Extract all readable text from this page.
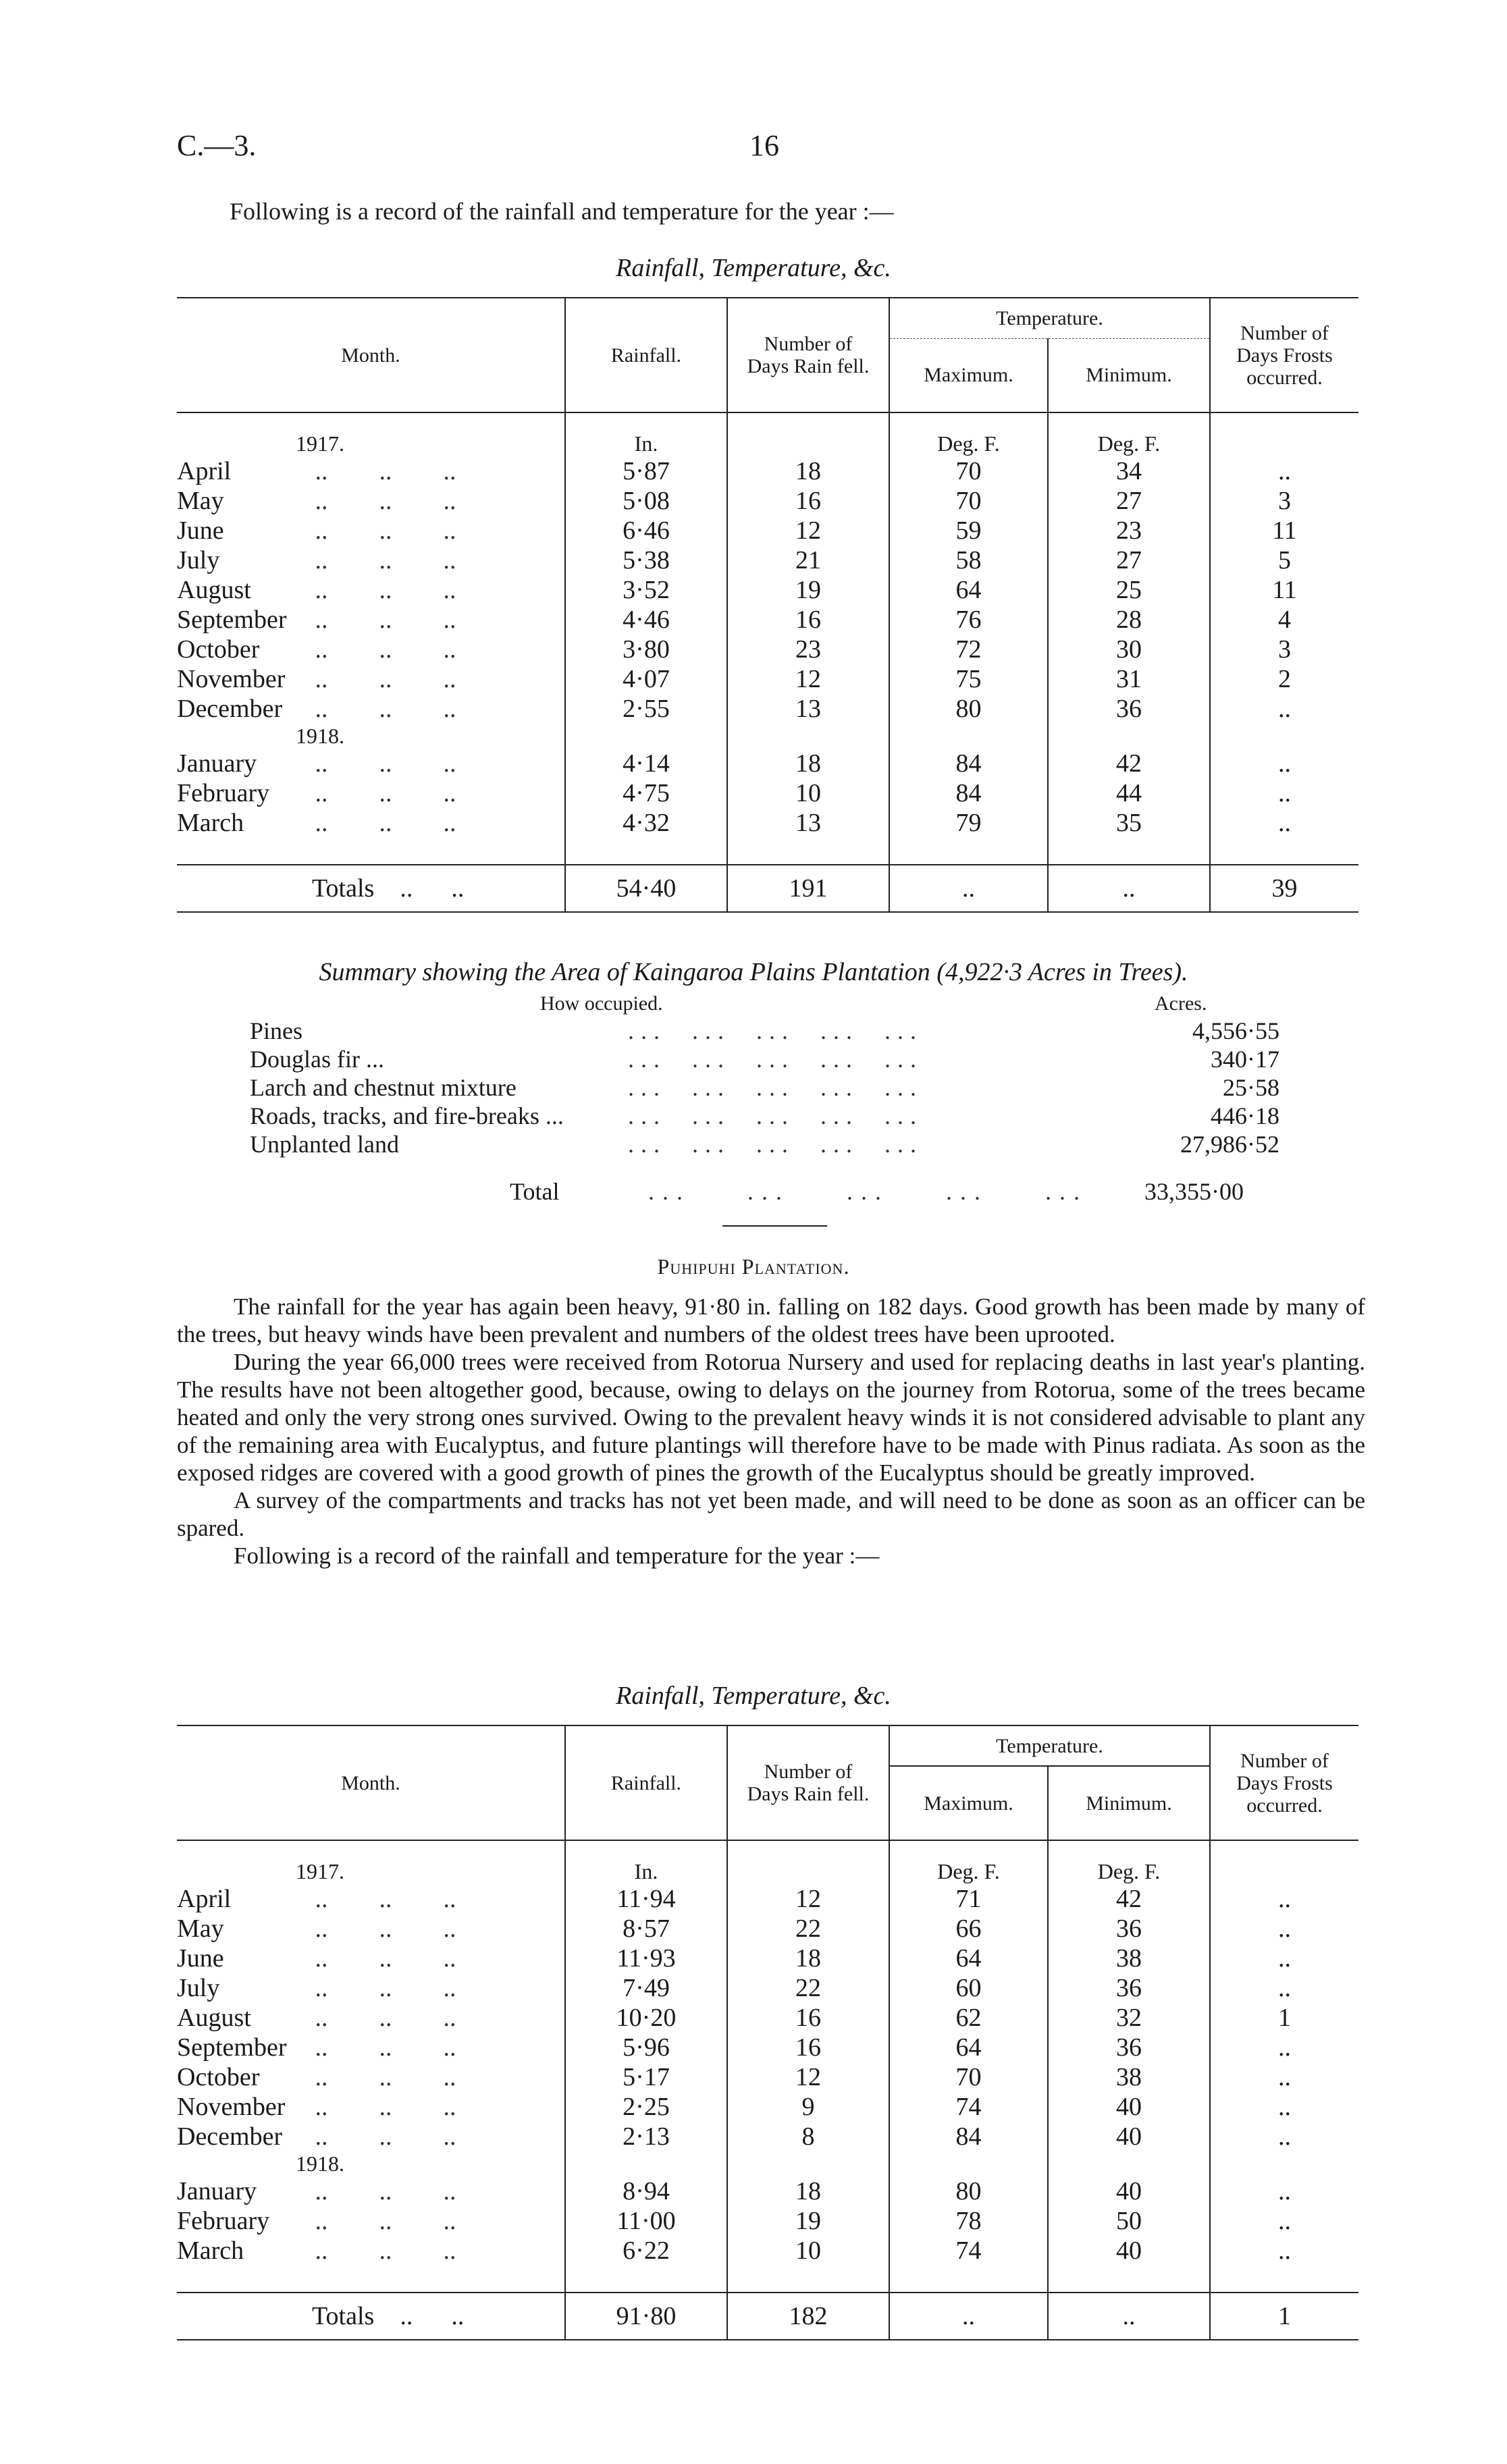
C.—3.	16
Following is a record of the rainfall and temperature for the year :—
Rainfall, Temperature, &c.
Month.	Rainfall.	Number of Days Rain fell.	Temperature.		Number of Days Frosts occurred.
			Maximum.	Minimum.	

1917.	In.		Deg. F.	Deg. F.	
April ..        ..        ..	5·87	18	70	34	..
May ..        ..        ..	5·08	16	70	27	3
June ..        ..        ..	6·46	12	59	23	11
July ..        ..        ..	5·38	21	58	27	5
August ..        ..        ..	3·52	19	64	25	11
September ..        ..        ..	4·46	16	76	28	4
October ..        ..        ..	3·80	23	72	30	3
November ..        ..        ..	4·07	12	75	31	2
December ..        ..        ..	2·55	13	80	36	..
1918.					
January ..        ..        ..	4·14	18	84	42	..
February ..        ..        ..	4·75	10	84	44	..
March ..        ..        ..	4·32	13	79	35	..

Totals    ..      ..	54·40	191	..	..	39
Summary showing the Area of Kaingaroa Plains Plantation (4,922·3 Acres in Trees).
How occupied.	Acres.
...  ...  ...  ...  ...
Pines	4,556·55
...  ...  ...  ...  ...
Douglas fir ...	340·17
...  ...  ...  ...  ...
Larch and chestnut mixture	25·58
...  ...  ...  ...  ...
Roads, tracks, and fire-breaks ...	446·18
...  ...  ...  ...  ...
Unplanted land	27,986·52
Total	...    ...    ...    ...    ... 33,355·00
Puhipuhi Plantation.

The rainfall for the year has again been heavy, 91·80 in. falling on 182 days. Good growth has been made by many of the trees, but heavy winds have been prevalent and numbers of the oldest trees have been uprooted.

During the year 66,000 trees were received from Rotorua Nursery and used for replacing deaths in last year's planting. The results have not been altogether good, because, owing to delays on the journey from Rotorua, some of the trees became heated and only the very strong ones survived. Owing to the prevalent heavy winds it is not considered advisable to plant any of the remaining area with Eucalyptus, and future plantings will therefore have to be made with Pinus radiata. As soon as the exposed ridges are covered with a good growth of pines the growth of the Eucalyptus should be greatly improved.

A survey of the compartments and tracks has not yet been made, and will need to be done as soon as an officer can be spared.

Following is a record of the rainfall and temperature for the year :—

Rainfall, Temperature, &c.
Month.	Rainfall.	Number of Days Rain fell.	Temperature.		Number of Days Frosts occurred.
			Maximum.	Minimum.	

1917.	In.		Deg. F.	Deg. F.	
April ..        ..        ..	11·94	12	71	42	..
May ..        ..        ..	8·57	22	66	36	..
June ..        ..        ..	11·93	18	64	38	..
July ..        ..        ..	7·49	22	60	36	..
August ..        ..        ..	10·20	16	62	32	1
September ..        ..        ..	5·96	16	64	36	..
October ..        ..        ..	5·17	12	70	38	..
November ..        ..        ..	2·25	9	74	40	..
December ..        ..        ..	2·13	8	84	40	..
1918.					
January ..        ..        ..	8·94	18	80	40	..
February ..        ..        ..	11·00	19	78	50	..
March ..        ..        ..	6·22	10	74	40	..

Totals    ..      ..	91·80	182	..	..	1
